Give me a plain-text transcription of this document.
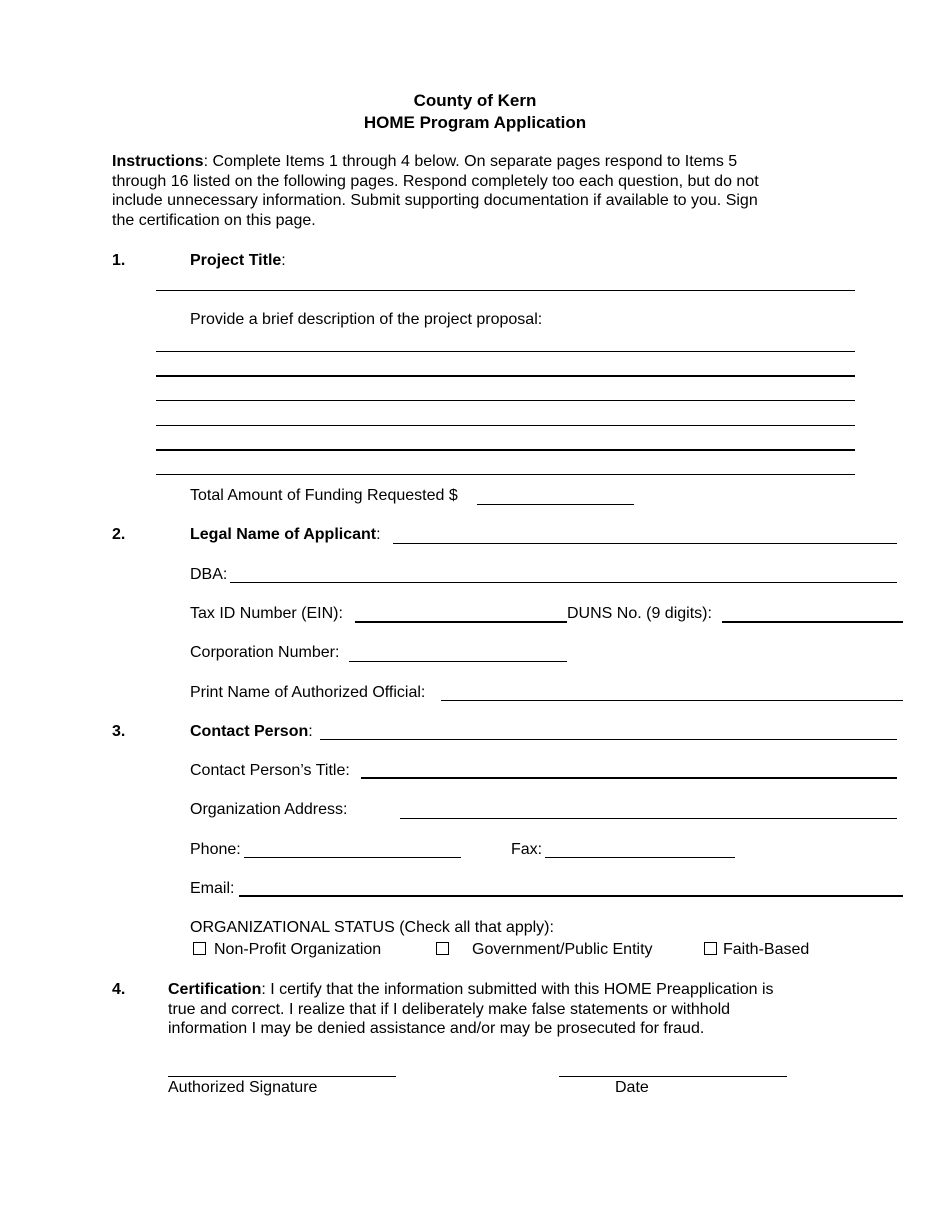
County of Kern
HOME Program Application
Instructions: Complete Items 1 through 4 below. On separate pages respond to Items 5
through 16 listed on the following pages. Respond completely too each question, but do not
include unnecessary information. Submit supporting documentation if available to you. Sign
the certification on this page.
1.	Project Title:
Provide a brief description of the project proposal:
Total Amount of Funding Requested $
2.	Legal Name of Applicant:
DBA:
Tax ID Number (EIN):	DUNS No. (9 digits):
Corporation Number:
Print Name of Authorized Official:
3.	Contact Person:
Contact Person’s Title:
Organization Address:
Phone:	Fax:
Email:
ORGANIZATIONAL STATUS (Check all that apply):
Non-Profit Organization	Government/Public Entity	Faith-Based
4.	Certification: I certify that the information submitted with this HOME Preapplication is
true and correct. I realize that if I deliberately make false statements or withhold
information I may be denied assistance and/or may be prosecuted for fraud.
Authorized Signature	Date
